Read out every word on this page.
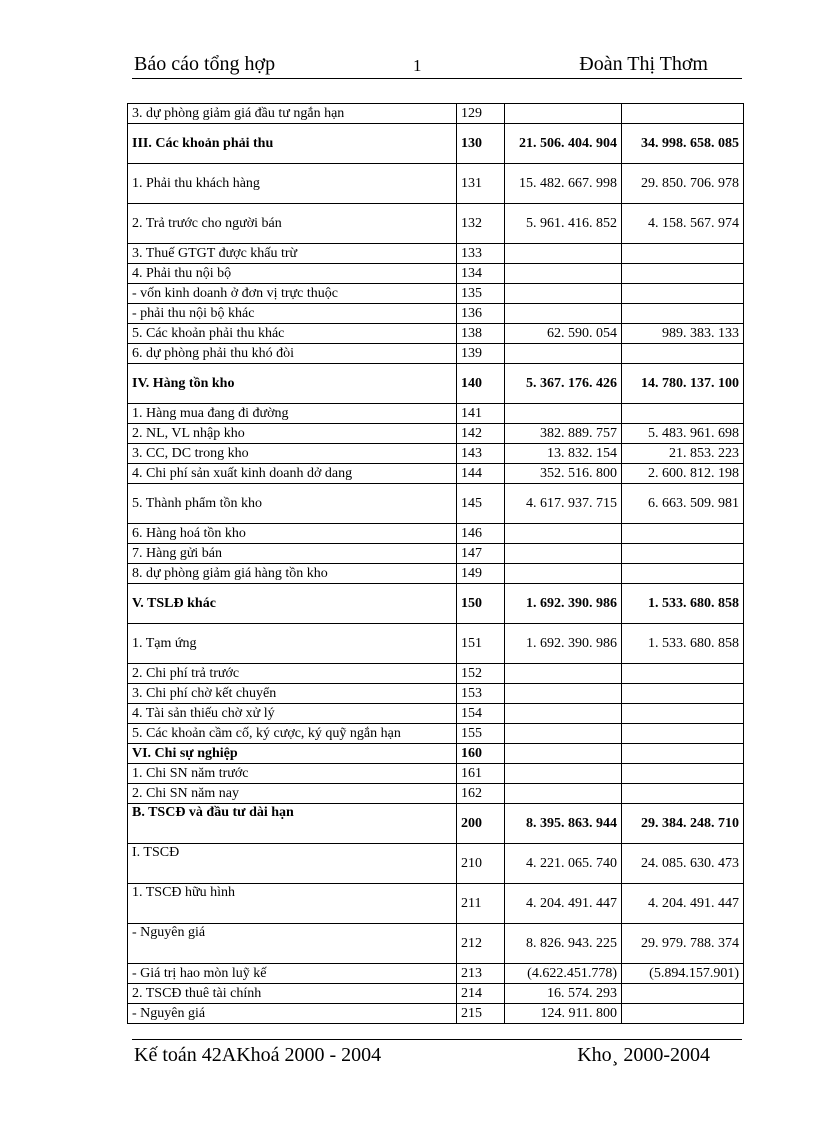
Báo cáo tổng hợp	1	Đoàn Thị Thơm
3. dự phòng giảm giá đầu tư ngắn hạn	129		
III. Các khoản phải thu	130	21. 506. 404. 904	34. 998. 658. 085
1. Phải thu khách hàng	131	15. 482. 667. 998	29. 850. 706. 978
2. Trả trước cho người bán	132	5. 961. 416. 852	4. 158. 567. 974
3. Thuế GTGT được khấu trừ	133		
4. Phải thu nội bộ	134		
- vốn kinh doanh ở đơn vị trực thuộc	135		
- phải thu nội bộ khác	136		
5. Các khoản phải thu khác	138	62. 590. 054	989. 383. 133
6. dự phòng phải thu khó đòi	139		
IV. Hàng tồn kho	140	5. 367. 176. 426	14. 780. 137. 100
1. Hàng mua đang đi đường	141		
2. NL, VL nhập kho	142	382. 889. 757	5. 483. 961. 698
3. CC, DC trong kho	143	13. 832. 154	21. 853. 223
4. Chi phí sản xuất kinh doanh dở dang	144	352. 516. 800	2. 600. 812. 198
5. Thành phẩm tồn kho	145	4. 617. 937. 715	6. 663. 509. 981
6. Hàng hoá tồn kho	146		
7. Hàng gửi bán	147		
8. dự phòng giảm giá hàng tồn kho	149		
V. TSLĐ khác	150	1. 692. 390. 986	1. 533. 680. 858
1. Tạm ứng	151	1. 692. 390. 986	1. 533. 680. 858
2. Chi phí trả trước	152		
3. Chi phí chờ kết chuyển	153		
4. Tài sản thiếu chờ xử lý	154		
5. Các khoản cầm cố, ký cược, ký quỹ ngắn hạn	155		
VI. Chi sự nghiệp	160		
1. Chi SN năm trước	161		
2. Chi SN năm nay	162		
B. TSCĐ và đầu tư dài hạn	200	8. 395. 863. 944	29. 384. 248. 710
I. TSCĐ	210	4. 221. 065. 740	24. 085. 630. 473
1. TSCĐ hữu hình	211	4. 204. 491. 447	4. 204. 491. 447
- Nguyên giá	212	8. 826. 943. 225	29. 979. 788. 374
- Giá trị hao mòn luỹ kế	213	(4.622.451.778)	(5.894.157.901)
2. TSCĐ thuê tài chính	214	16. 574. 293	
- Nguyên giá	215	124. 911. 800	
Kế toán 42AKhoá 2000 - 2004	Kho¸ 2000-2004
